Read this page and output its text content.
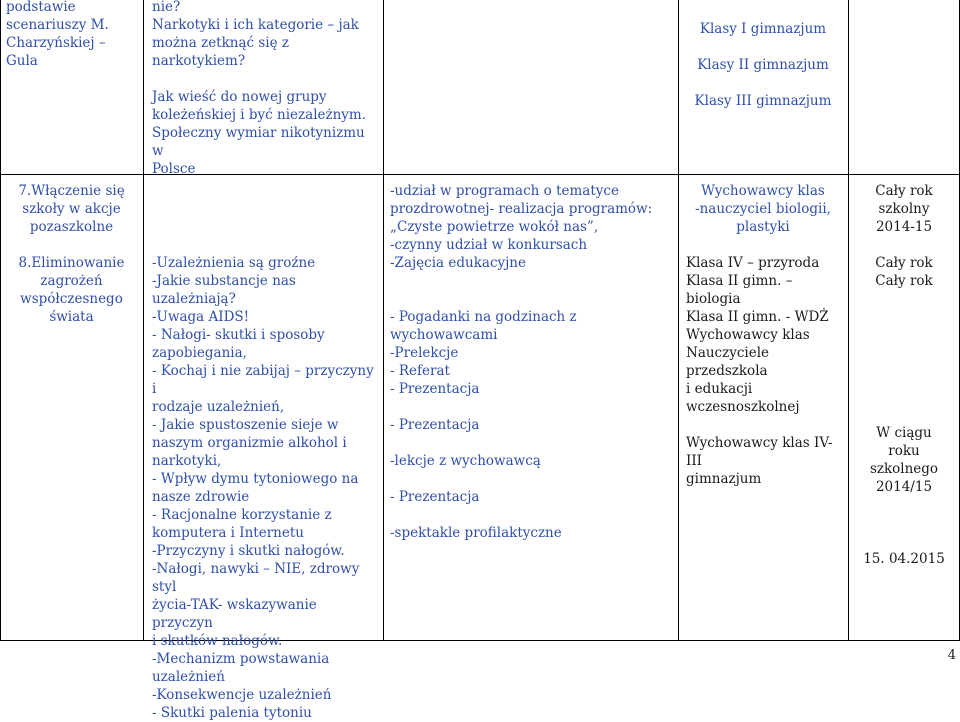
podstawie

scenariuszy M.

Charzyńskiej – Gula

nie?

Narkotyki i ich kategorie – jak

można zetknąć się z narkotykiem?

Jak wieść do nowej grupy

koleżeńskiej i być niezależnym.

Społeczny wymiar nikotynizmu w

Polsce

Klasy I gimnazjum

Klasy II gimnazjum

Klasy III gimnazjum

7.Włączenie się

szkoły w akcje

pozaszkolne

-udział w programach o tematyce

prozdrowotnej- realizacja programów:

„Czyste powietrze wokół nas”,

-czynny udział w konkursach

Wychowawcy klas

-nauczyciel biologii,

plastyki

Cały rok

szkolny

2014-15

8.Eliminowanie

zagrożeń

współczesnego

świata

-Uzależnienia są groźne

-Jakie substancje nas uzależniają?

-Uwaga AIDS!

- Nałogi- skutki i sposoby

zapobiegania,

- Kochaj i nie zabijaj – przyczyny i

rodzaje uzależnień,

- Jakie spustoszenie sieje w

naszym organizmie alkohol i

narkotyki,

- Wpływ dymu tytoniowego na

nasze zdrowie

- Racjonalne korzystanie z

komputera i Internetu

-Przyczyny i skutki nałogów.

-Nałogi, nawyki – NIE, zdrowy styl

życia-TAK- wskazywanie przyczyn

i skutków nałogów.

-Mechanizm powstawania

uzależnień

-Konsekwencje uzależnień

- Skutki palenia tytoniu

-Zajęcia edukacyjne

- Pogadanki na godzinach z wychowawcami

-Prelekcje

- Referat

- Prezentacja

- Prezentacja

-lekcje z wychowawcą

- Prezentacja

-spektakle profilaktyczne

Klasa IV – przyroda

Klasa II gimn. – biologia

Klasa II gimn. - WDŻ

Wychowawcy klas

Nauczyciele przedszkola

i edukacji

wczesnoszkolnej

Wychowawcy klas IV-III

gimnazjum

Cały rok

Cały rok

W ciągu

roku

szkolnego

2014/15

15. 04.2015
4
